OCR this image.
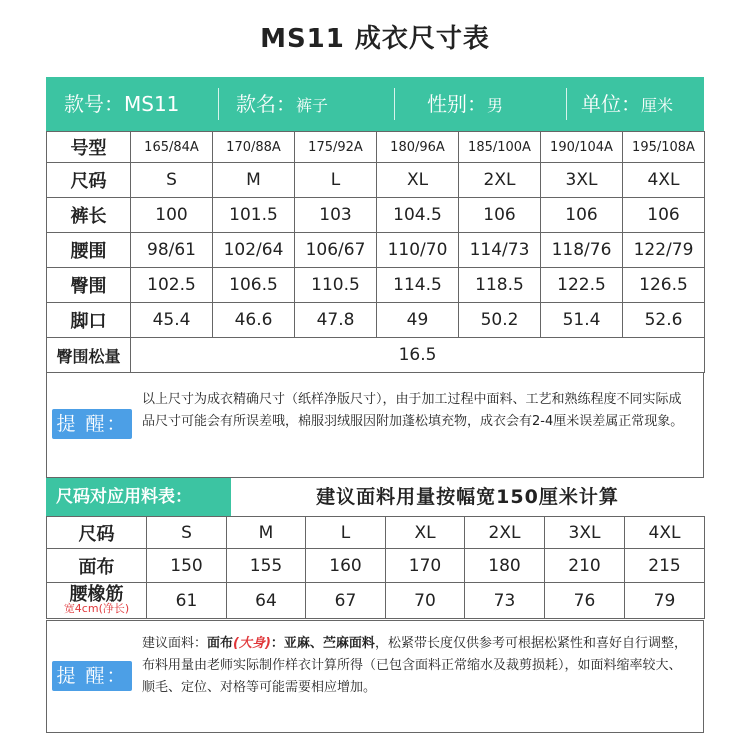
MS11 成衣尺寸表
款号：MS11	款名：裤子	性别：男	单位：厘米
号型	165/84A	170/88A	175/92A	180/96A	185/100A	190/104A	195/108A
尺码	S	M	L	XL	2XL	3XL	4XL
裤长	100	101.5	103	104.5	106	106	106
腰围	98/61	102/64	106/67	110/70	114/73	118/76	122/79
臀围	102.5	106.5	110.5	114.5	118.5	122.5	126.5
脚口	45.4	46.6	47.8	49	50.2	51.4	52.6
臀围松量	16.5						
提 醒：
以上尺寸为成衣精确尺寸（纸样净版尺寸），由于加工过程中面料、工艺和熟练程度不同实际成品尺寸可能会有所误差哦，棉服羽绒服因附加蓬松填充物，成衣会有2-4厘米误差属正常现象。
尺码对应用料表：	建议面料用量按幅宽150厘米计算
尺码	S	M	L	XL	2XL	3XL	4XL
面布	150	155	160	170	180	210	215
腰橡筋
宽4cm(净长)	61	64	67	70	73	76	79
提 醒：
建议面料：面布(大身)：亚麻、苎麻面料，松紧带长度仅供参考可根据松紧性和喜好自行调整，布料用量由老师实际制作样衣计算所得（已包含面料正常缩水及裁剪损耗），如面料缩率较大、顺毛、定位、对格等可能需要相应增加。
